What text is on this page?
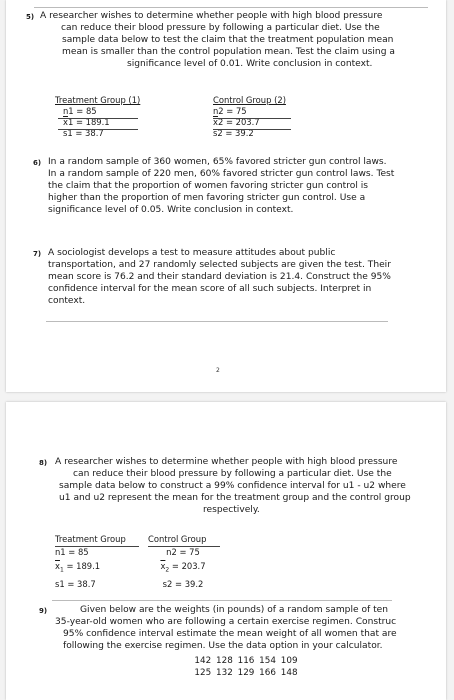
5) A researcher wishes to determine whether people with high blood pressure
can reduce their blood pressure by following a particular diet. Use the
sample data below to test the claim that the treatment population mean
mean is smaller than the control population mean. Test the claim using a
significance level of 0.01. Write conclusion in context.
Treatment Group (1)
n1 = 85
$\overline{x}1 = 189.1$
s1 = 38.7
Control Group (2)
n2 = 75
$\overline{x}2 = 203.7$
s2 = 39.2
6) In a random sample of 360 women, 65% favored stricter gun control laws.
In a random sample of 220 men, 60% favored stricter gun control laws. Test
the claim that the proportion of women favoring stricter gun control is
higher than the proportion of men favoring stricter gun control. Use a
significance level of 0.05. Write conclusion in context.
7) A sociologist develops a test to measure attitudes about public
transportation, and 27 randomly selected subjects are given the test. Their
mean score is 76.2 and their standard deviation is 21.4. Construct the 95%
confidence interval for the mean score of all such subjects. Interpret in
context.
2
8) A researcher wishes to determine whether people with high blood pressure
can reduce their blood pressure by following a particular diet. Use the
sample data below to construct a 99% confidence interval for u1 - u2 where
u1 and u2 represent the mean for the treatment group and the control group
respectively.
Treatment Group
n1 = 85
$\overline{x}_1 = 189.1$
s1 = 38.7
Control Group
n2 = 75
$\overline{x}_2 = 203.7$
s2 = 39.2
9)	Given below are the weights (in pounds) of a random sample of ten
35-year-old women who are following a certain exercise regimen. Construc
95% confidence interval estimate the mean weight of all women that are
following the exercise regimen. Use the data option in your calculator.
142 128 116 154 109
125 132 129 166 148
